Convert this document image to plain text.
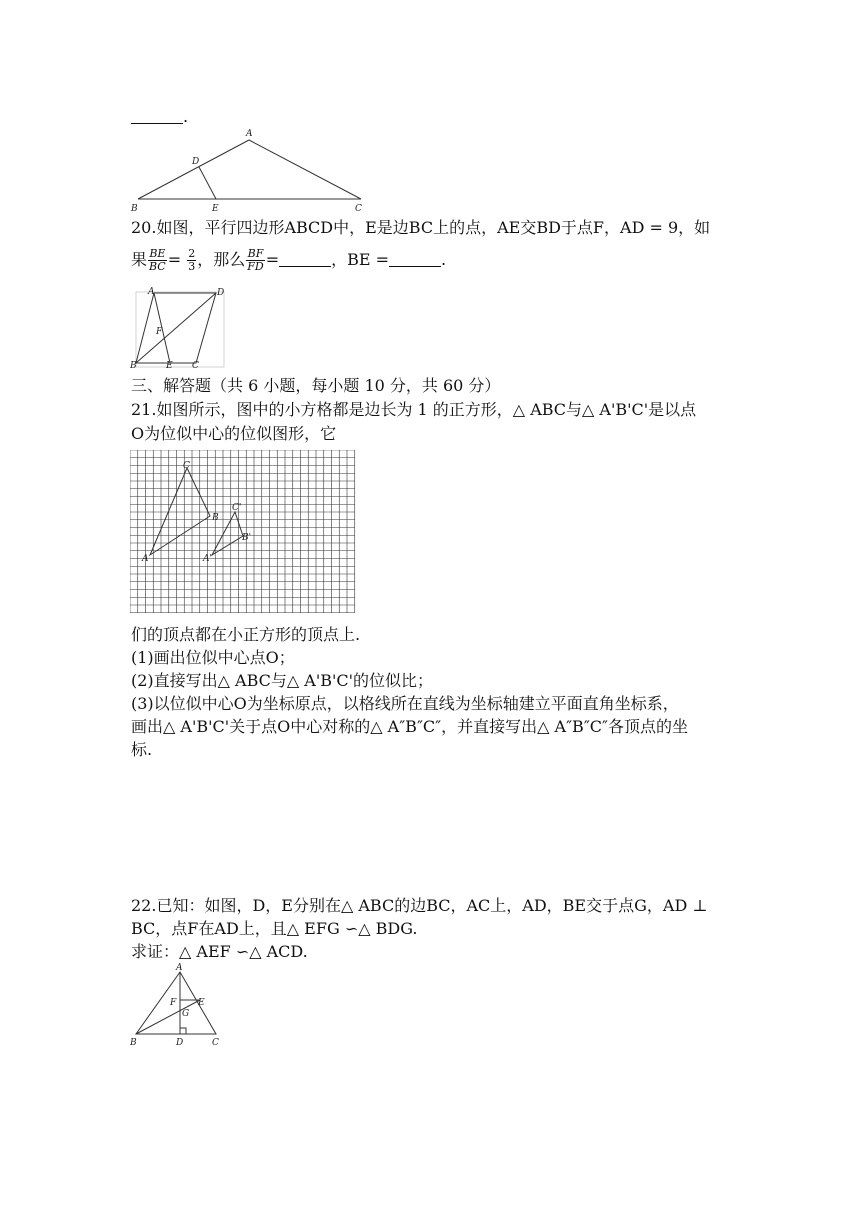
.
A
D
B	E	C
20.如图，平行四边形ABCD中，E是边BC上的点，AE交BD于点F，AD = 9，如
果 $\frac{BE}{BC} = \frac{2}{3}$ ，那么 $\frac{BF}{FD}$ =	，BE =	.
A	D
F
B	E C
三、解答题（共 6 小题，每小题 10 分，共 60 分）
21.如图所示，图中的小方格都是边长为 1 的正方形，△ ABC与△ A'B'C'是以点
O为位似中心的位似图形，它
A
C
B
A'
C'
B'
们的顶点都在小正方形的顶点上.
(1)画出位似中心点O；
(2)直接写出△ ABC与△ A'B'C'的位似比；
(3)以位似中心O为坐标原点，以格线所在直线为坐标轴建立平面直角坐标系，
画出△ A'B'C'关于点O中心对称的△ A″B″C″，并直接写出△ A″B″C″各顶点的坐
标.
22.已知：如图，D，E分别在△ ABC的边BC，AC上，AD，BE交于点G，AD ⊥
BC，点F在AD上，且△ EFG ∽△ BDG.
求证：△ AEF ∽△ ACD.
A
F E
G
B	D	C
